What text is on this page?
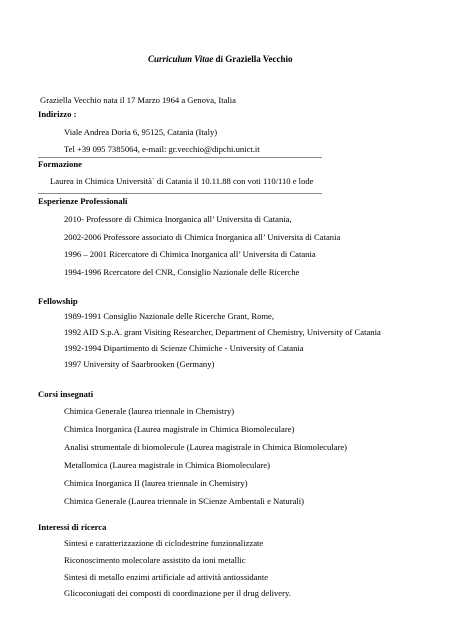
Curriculum Vitae di Graziella Vecchio
Graziella Vecchio nata il 17 Marzo 1964 a Genova, Italia
Indirizzo :
Viale Andrea Doria 6, 95125, Catania (Italy)
Tel +39 095 7385064, e-mail: gr.vecchio@dipchi.unict.it
Formazione
Laurea in Chimica Università` di Catania il 10.11.88 con voti 110/110 e lode
Esperienze Professionali
2010- Professore di Chimica Inorganica all’ Universita di Catania,
2002-2006 Professore associato di Chimica Inorganica all’ Universita di Catania
1996 – 2001 Ricercatore di Chimica Inorganica all’ Universita di Catania
1994-1996 Rcercatore del CNR, Consiglio Nazionale delle Ricerche
Fellowship
1989-1991 Consiglio Nazionale delle Ricerche Grant, Rome,
1992 AID S.p.A. grant Visiting Researcher, Department of Chemistry, University of Catania
1992-1994 Dipartimento di Scienze Chimiche - University of Catania
1997 University of Saarbrooken (Germany)
Corsi insegnati
Chimica Generale (laurea triennale in Chemistry)
Chimica Inorganica (Laurea magistrale in Chimica Biomoleculare)
Analisi strumentale di biomolecule (Laurea magistrale in Chimica Biomoleculare)
Metallomica (Laurea magistrale in Chimica Biomoleculare)
Chimica Inorganica II (laurea triennale in Chemistry)
Chimica Generale (Laurea triennale in SCienze Ambentali e Naturali)
Interessi di ricerca
Sintesi e caratterizzazione di ciclodestrine funzionalizzate
Riconoscimento molecolare assistito da ioni metallic
Sintesi di metallo enzimi artificiale ad attività antiossidante
Glicoconiugati dei composti di coordinazione per il drug delivery.
